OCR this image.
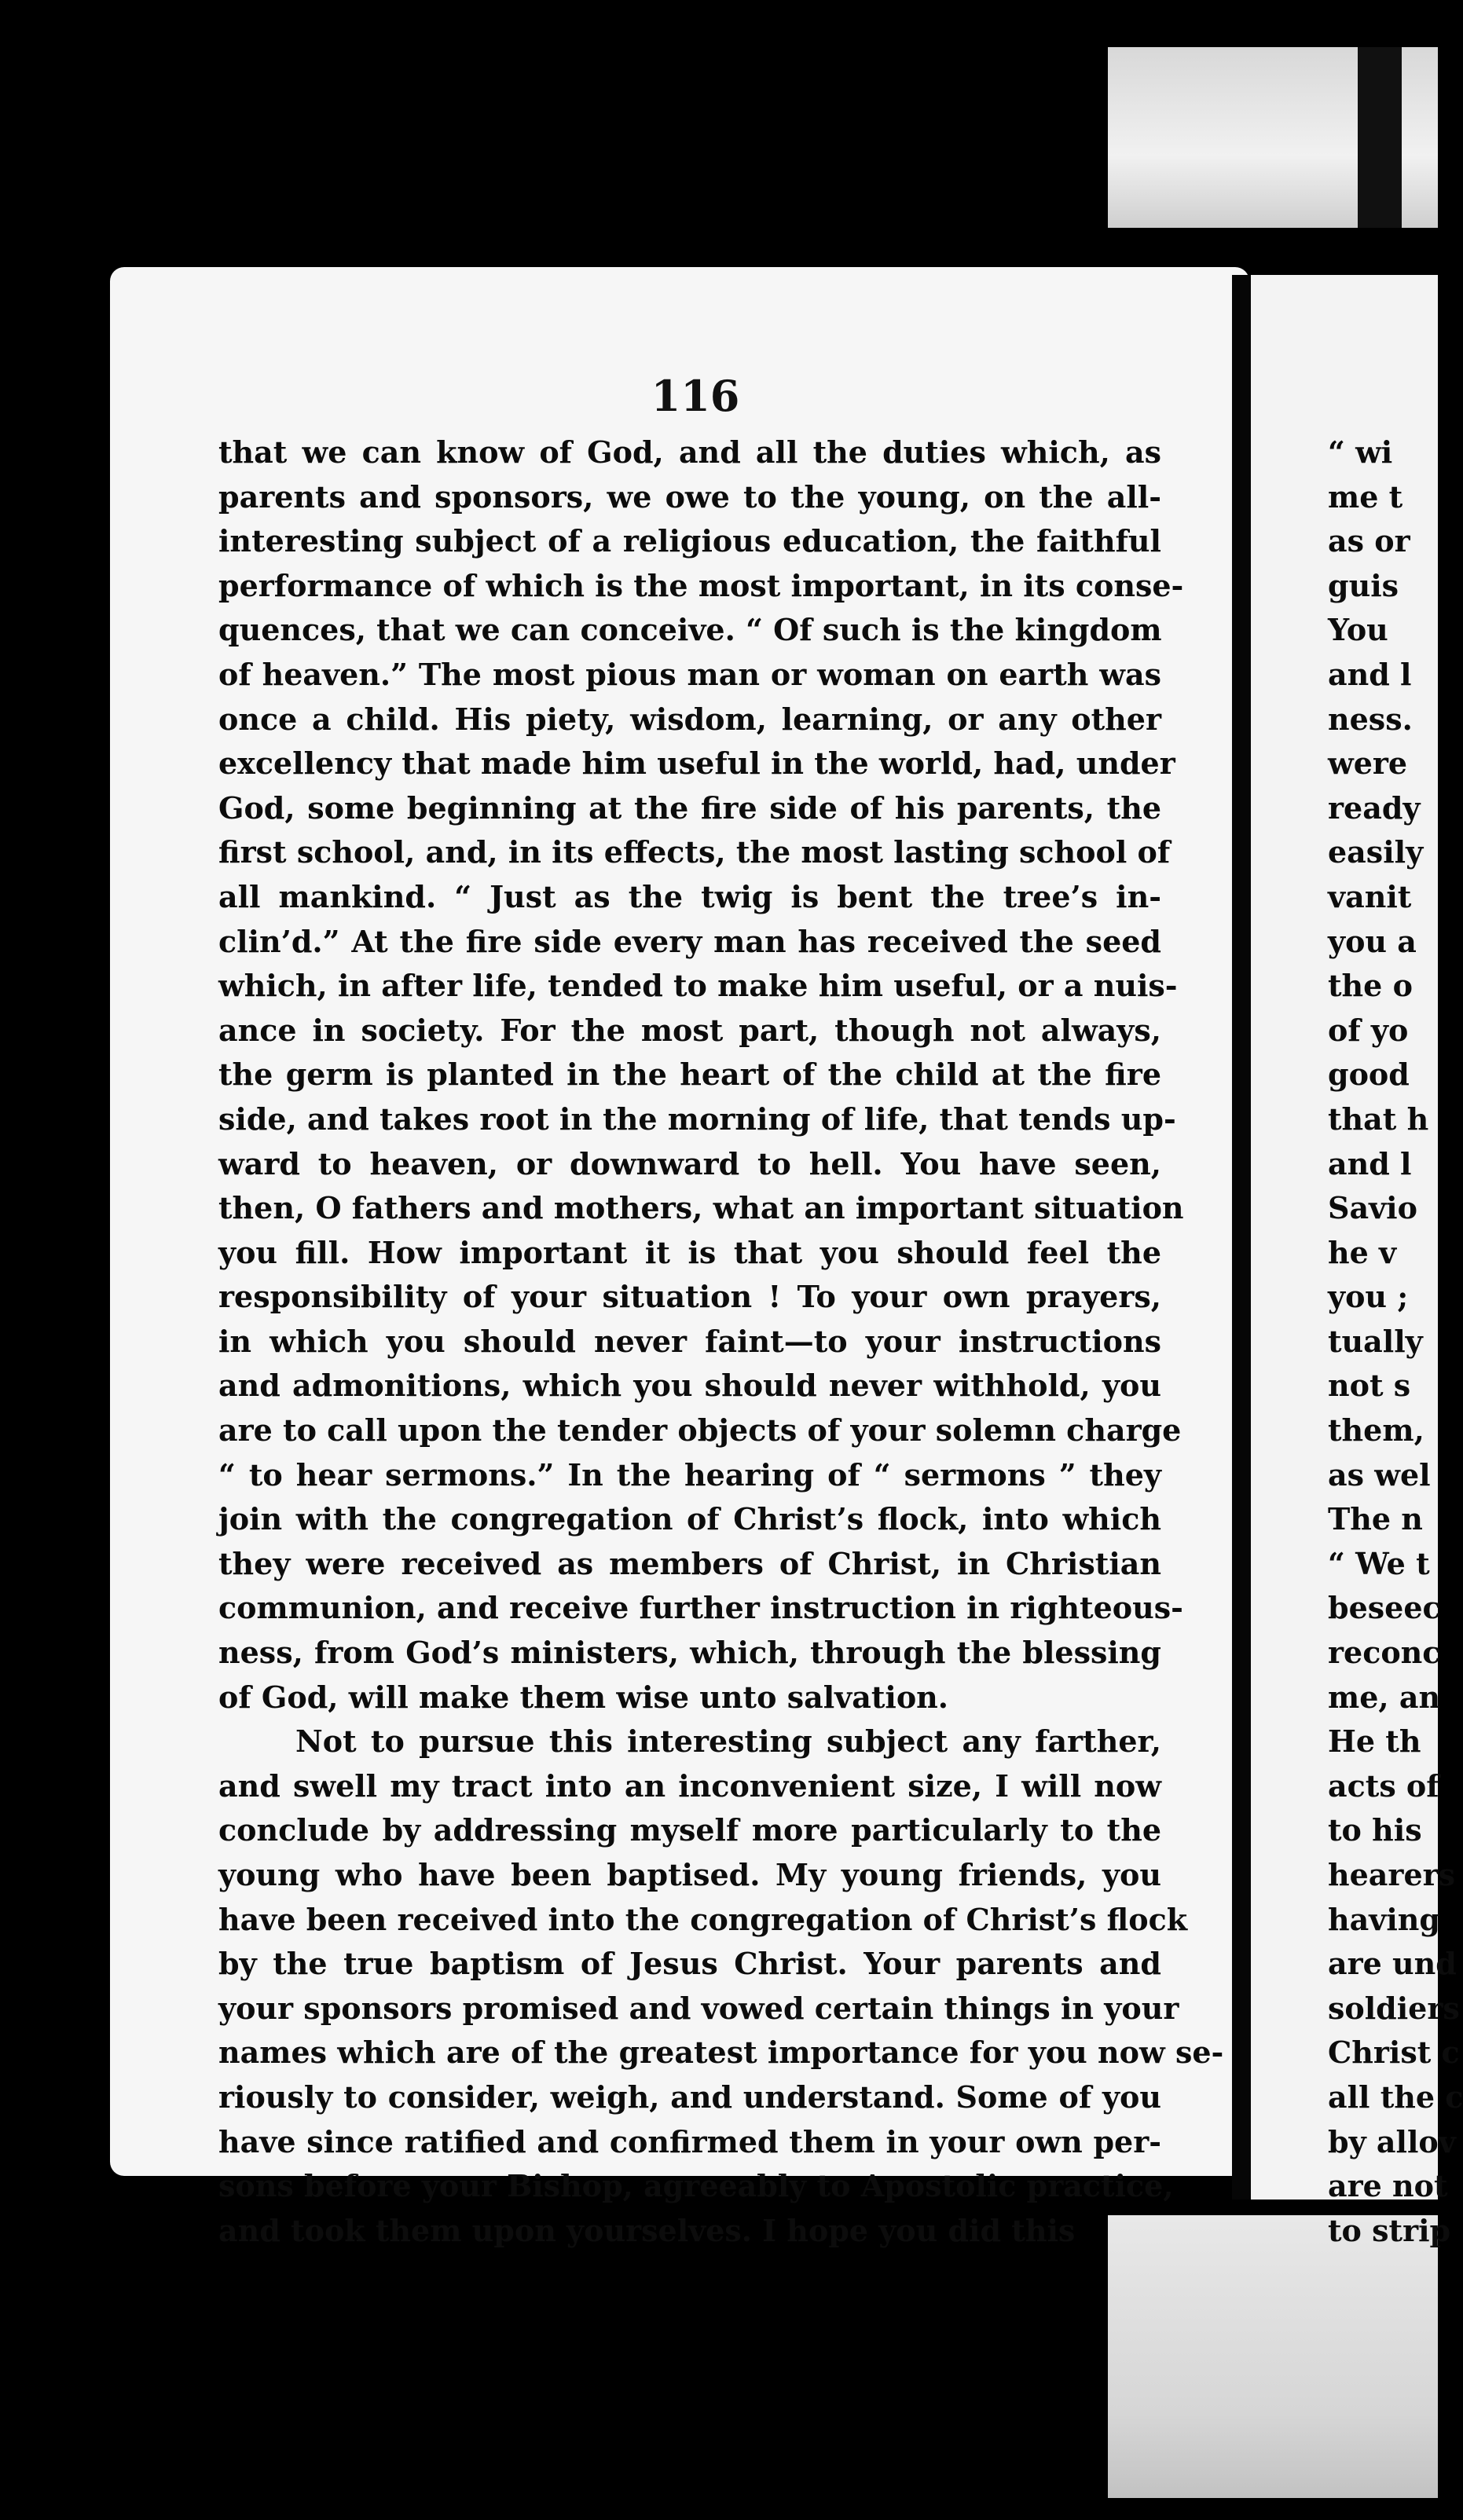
116
that we can know of God, and all the duties which, as
parents and sponsors, we owe to the young, on the all-
interesting subject of a religious education, the faithful
performance of which is the most important, in its conse-
quences, that we can conceive. “ Of such is the kingdom
of heaven.” The most pious man or woman on earth was
once a child. His piety, wisdom, learning, or any other
excellency that made him useful in the world, had, under
God, some beginning at the fire side of his parents, the
first school, and, in its effects, the most lasting school of
all mankind. “ Just as the twig is bent the tree’s in-
clin’d.” At the fire side every man has received the seed
which, in after life, tended to make him useful, or a nuis-
ance in society. For the most part, though not always,
the germ is planted in the heart of the child at the fire
side, and takes root in the morning of life, that tends up-
ward to heaven, or downward to hell. You have seen,
then, O fathers and mothers, what an important situation
you fill. How important it is that you should feel the
responsibility of your situation ! To your own prayers,
in which you should never faint—to your instructions
and admonitions, which you should never withhold, you
are to call upon the tender objects of your solemn charge
“ to hear sermons.” In the hearing of “ sermons ” they
join with the congregation of Christ’s flock, into which
they were received as members of Christ, in Christian
communion, and receive further instruction in righteous-
ness, from God’s ministers, which, through the blessing
of God, will make them wise unto salvation.
Not to pursue this interesting subject any farther,
and swell my tract into an inconvenient size, I will now
conclude by addressing myself more particularly to the
young who have been baptised. My young friends, you
have been received into the congregation of Christ’s flock
by the true baptism of Jesus Christ. Your parents and
your sponsors promised and vowed certain things in your
names which are of the greatest importance for you now se-
riously to consider, weigh, and understand. Some of you
have since ratified and confirmed them in your own per-
sons before your Bishop, agreeably to Apostolic practice,
and took them upon yourselves. I hope you did this
“ wi
me t
as or
guis
You
and l
ness.
were
ready
easily
vanit
you a
the o
of yo
good
that h
and l
Savio
he v
you ;
tually
not s
them,
as wel
The n
“ We t
beseec
reconc
me, an
He th
acts of
to his
hearers
having
are und
soldiers
Christ c
all the c
by allov
are not
to strip
